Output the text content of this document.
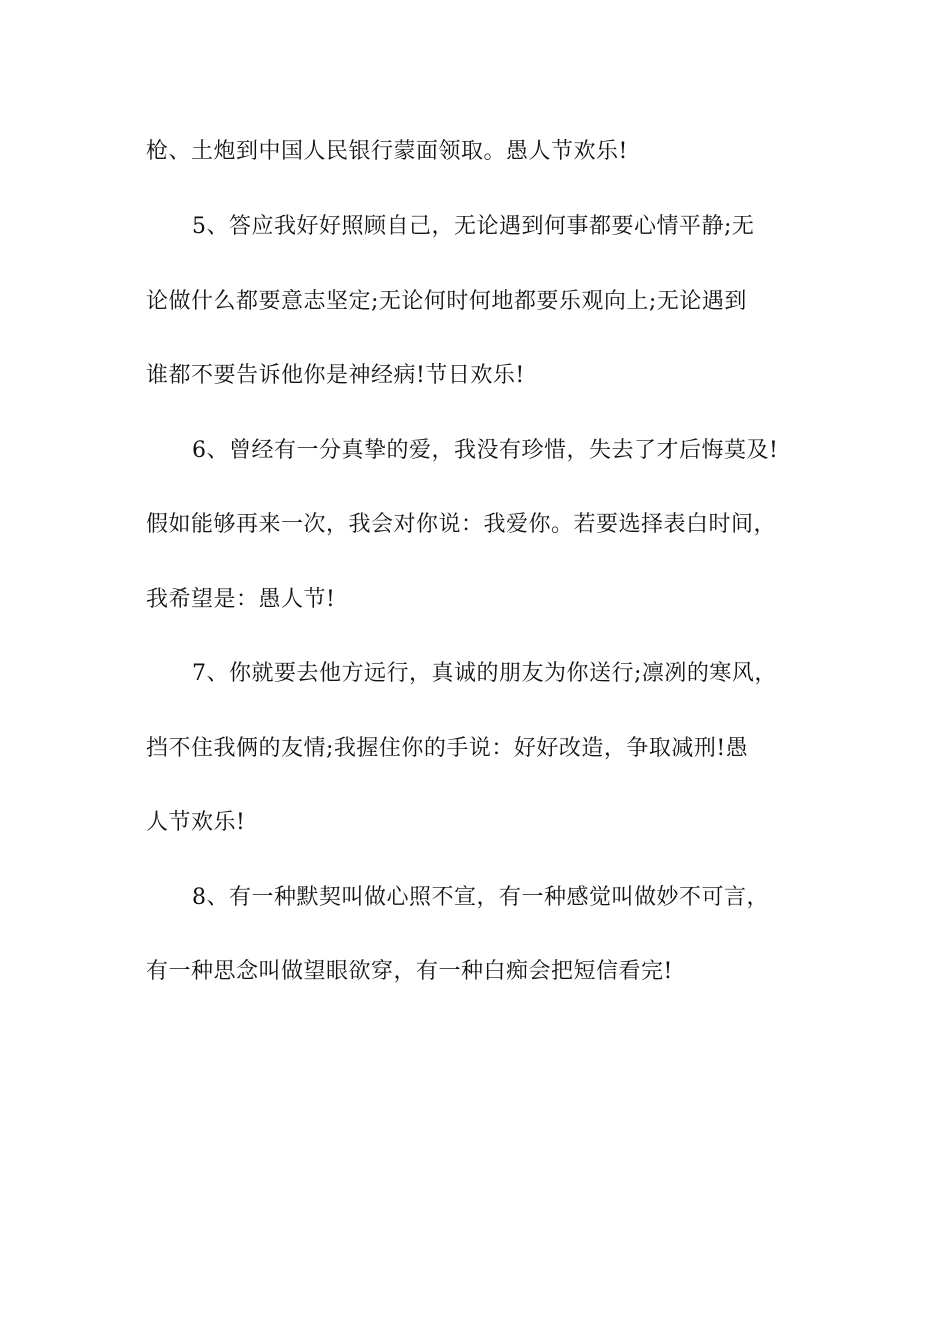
枪、土炮到中国人民银行蒙面领取。愚人节欢乐!
5、答应我好好照顾自己，无论遇到何事都要心情平静;无
论做什么都要意志坚定;无论何时何地都要乐观向上;无论遇到
谁都不要告诉他你是神经病!节日欢乐!
6、曾经有一分真挚的爱，我没有珍惜，失去了才后悔莫及!
假如能够再来一次，我会对你说：我爱你。若要选择表白时间，
我希望是：愚人节!
7、你就要去他方远行，真诚的朋友为你送行;凛冽的寒风，
挡不住我俩的友情;我握住你的手说：好好改造，争取减刑!愚
人节欢乐!
8、有一种默契叫做心照不宣，有一种感觉叫做妙不可言，
有一种思念叫做望眼欲穿，有一种白痴会把短信看完!
